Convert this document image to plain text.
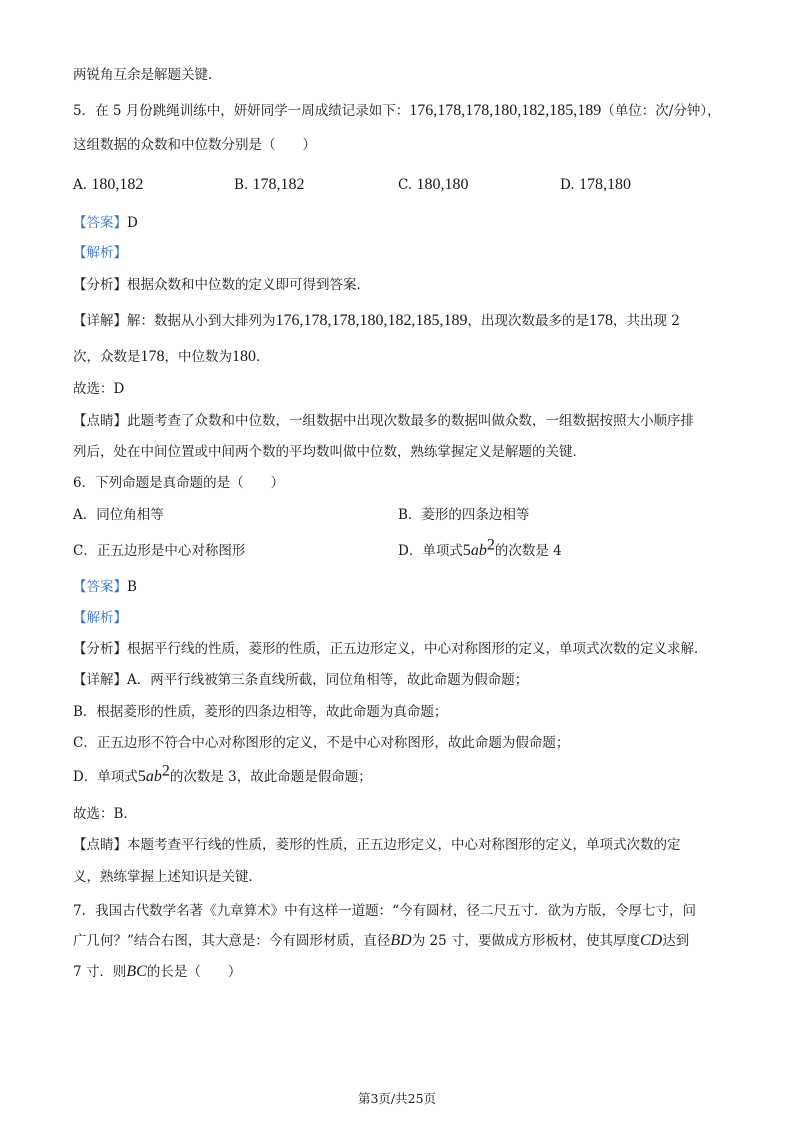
两锐角互余是解题关键．
5．在 5 月份跳绳训练中，妍妍同学一周成绩记录如下：176,178,178,180,182,185,189（单位：次/分钟），
这组数据的众数和中位数分别是（　　）
A. 180,182	B. 178,182	C. 180,180	D. 178,180
【答案】D
【解析】
【分析】根据众数和中位数的定义即可得到答案．
【详解】解：数据从小到大排列为176,178,178,180,182,185,189，出现次数最多的是178，共出现 2
次，众数是178，中位数为180．
故选：D
【点睛】此题考查了众数和中位数，一组数据中出现次数最多的数据叫做众数，一组数据按照大小顺序排
列后，处在中间位置或中间两个数的平均数叫做中位数，熟练掌握定义是解题的关键．
6．下列命题是真命题的是（　　）
A．同位角相等	B．菱形的四条边相等
C．正五边形是中心对称图形	D．单项式$5ab^2$的次数是 4
【答案】B
【解析】
【分析】根据平行线的性质，菱形的性质，正五边形定义，中心对称图形的定义，单项式次数的定义求解．
【详解】A．两平行线被第三条直线所截，同位角相等，故此命题为假命题；
B．根据菱形的性质，菱形的四条边相等，故此命题为真命题；
C．正五边形不符合中心对称图形的定义，不是中心对称图形，故此命题为假命题；
D．单项式$5ab^2$的次数是 3，故此命题是假命题；
故选：B．
【点睛】本题考查平行线的性质，菱形的性质，正五边形定义，中心对称图形的定义，单项式次数的定
义，熟练掌握上述知识是关键．
7．我国古代数学名著《九章算术》中有这样一道题：“今有圆材，径二尺五寸．欲为方版，令厚七寸，问
广几何？”结合右图，其大意是：今有圆形材质，直径BD为 25 寸，要做成方形板材，使其厚度CD达到
7 寸．则BC的长是（　　）
第3页/共25页
